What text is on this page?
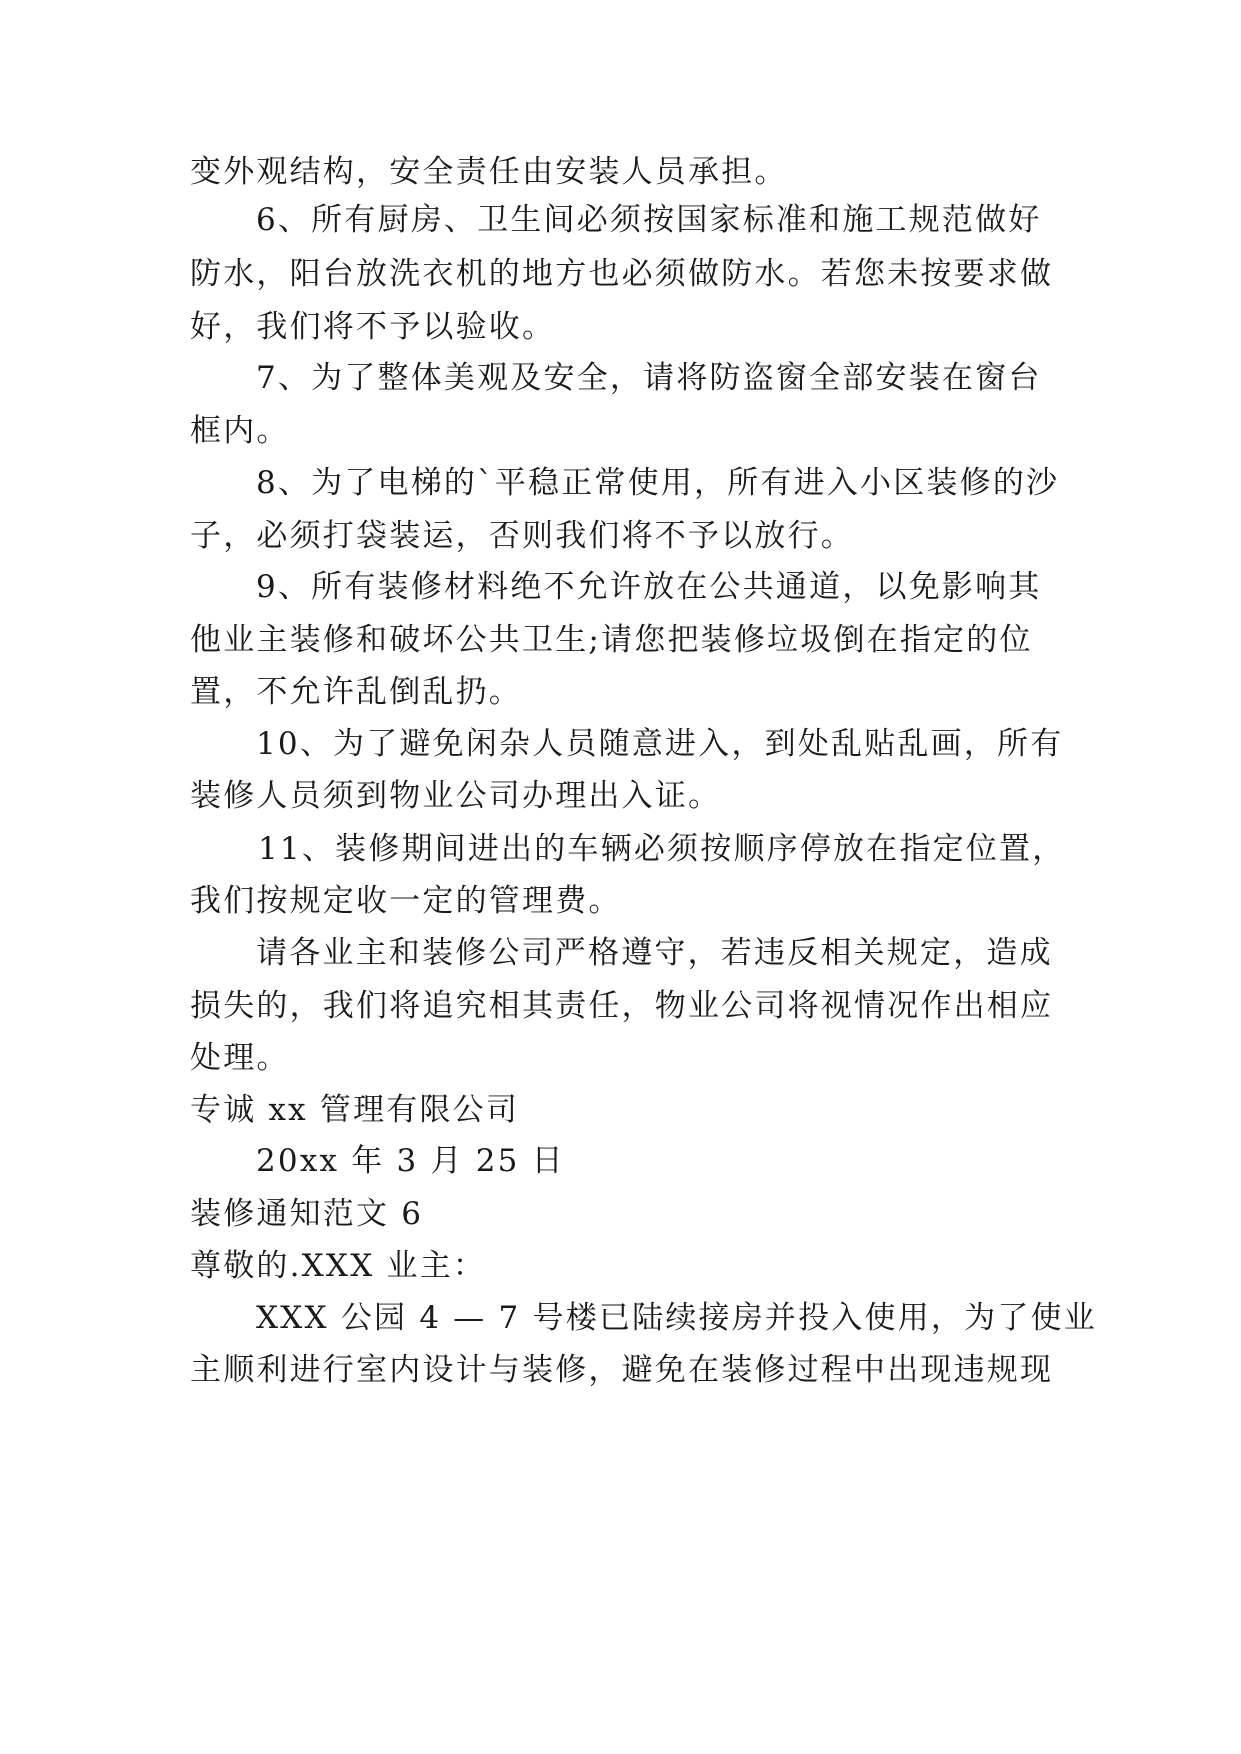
变外观结构，安全责任由安装人员承担。
6、所有厨房、卫生间必须按国家标准和施工规范做好
防水，阳台放洗衣机的地方也必须做防水。若您未按要求做
好，我们将不予以验收。
7、为了整体美观及安全，请将防盗窗全部安装在窗台
框内。
8、为了电梯的`平稳正常使用，所有进入小区装修的沙
子，必须打袋装运，否则我们将不予以放行。
9、所有装修材料绝不允许放在公共通道，以免影响其
他业主装修和破坏公共卫生;请您把装修垃圾倒在指定的位
置，不允许乱倒乱扔。
10、为了避免闲杂人员随意进入，到处乱贴乱画，所有
装修人员须到物业公司办理出入证。
11、装修期间进出的车辆必须按顺序停放在指定位置，
我们按规定收一定的管理费。
请各业主和装修公司严格遵守，若违反相关规定，造成
损失的，我们将追究相其责任，物业公司将视情况作出相应
处理。
专诚 xx 管理有限公司
20xx 年 3 月 25 日
装修通知范文 6
尊敬的.XXX 业主：
XXX 公园 4 — 7 号楼已陆续接房并投入使用，为了使业
主顺利进行室内设计与装修，避免在装修过程中出现违规现
